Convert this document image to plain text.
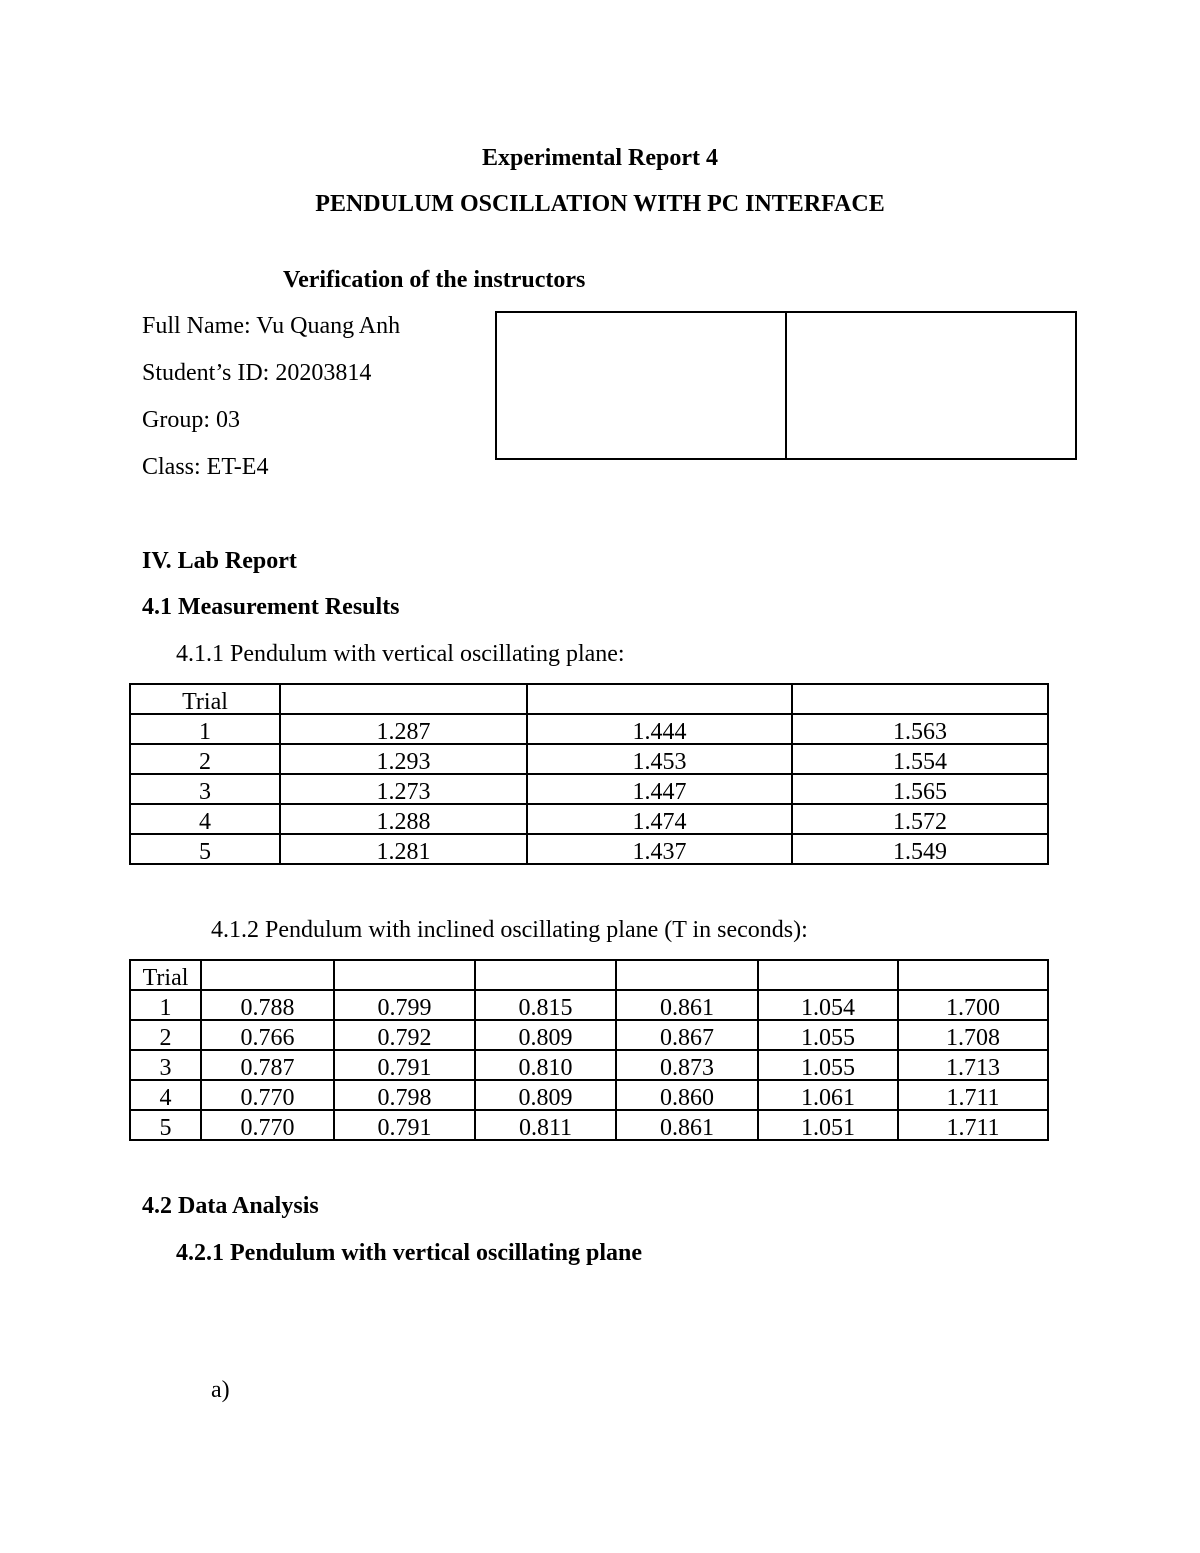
Experimental Report 4
PENDULUM OSCILLATION WITH PC INTERFACE
Verification of the instructors
Full Name: Vu Quang Anh
Student’s ID: 20203814
Group: 03
Class: ET-E4
IV. Lab Report
4.1 Measurement Results
4.1.1 Pendulum with vertical oscillating plane:
Trial			
1	1.287	1.444	1.563
2	1.293	1.453	1.554
3	1.273	1.447	1.565
4	1.288	1.474	1.572
5	1.281	1.437	1.549
4.1.2 Pendulum with inclined oscillating plane (T in seconds):
Trial						
1	0.788	0.799	0.815	0.861	1.054	1.700
2	0.766	0.792	0.809	0.867	1.055	1.708
3	0.787	0.791	0.810	0.873	1.055	1.713
4	0.770	0.798	0.809	0.860	1.061	1.711
5	0.770	0.791	0.811	0.861	1.051	1.711
4.2 Data Analysis
4.2.1 Pendulum with vertical oscillating plane
a)
